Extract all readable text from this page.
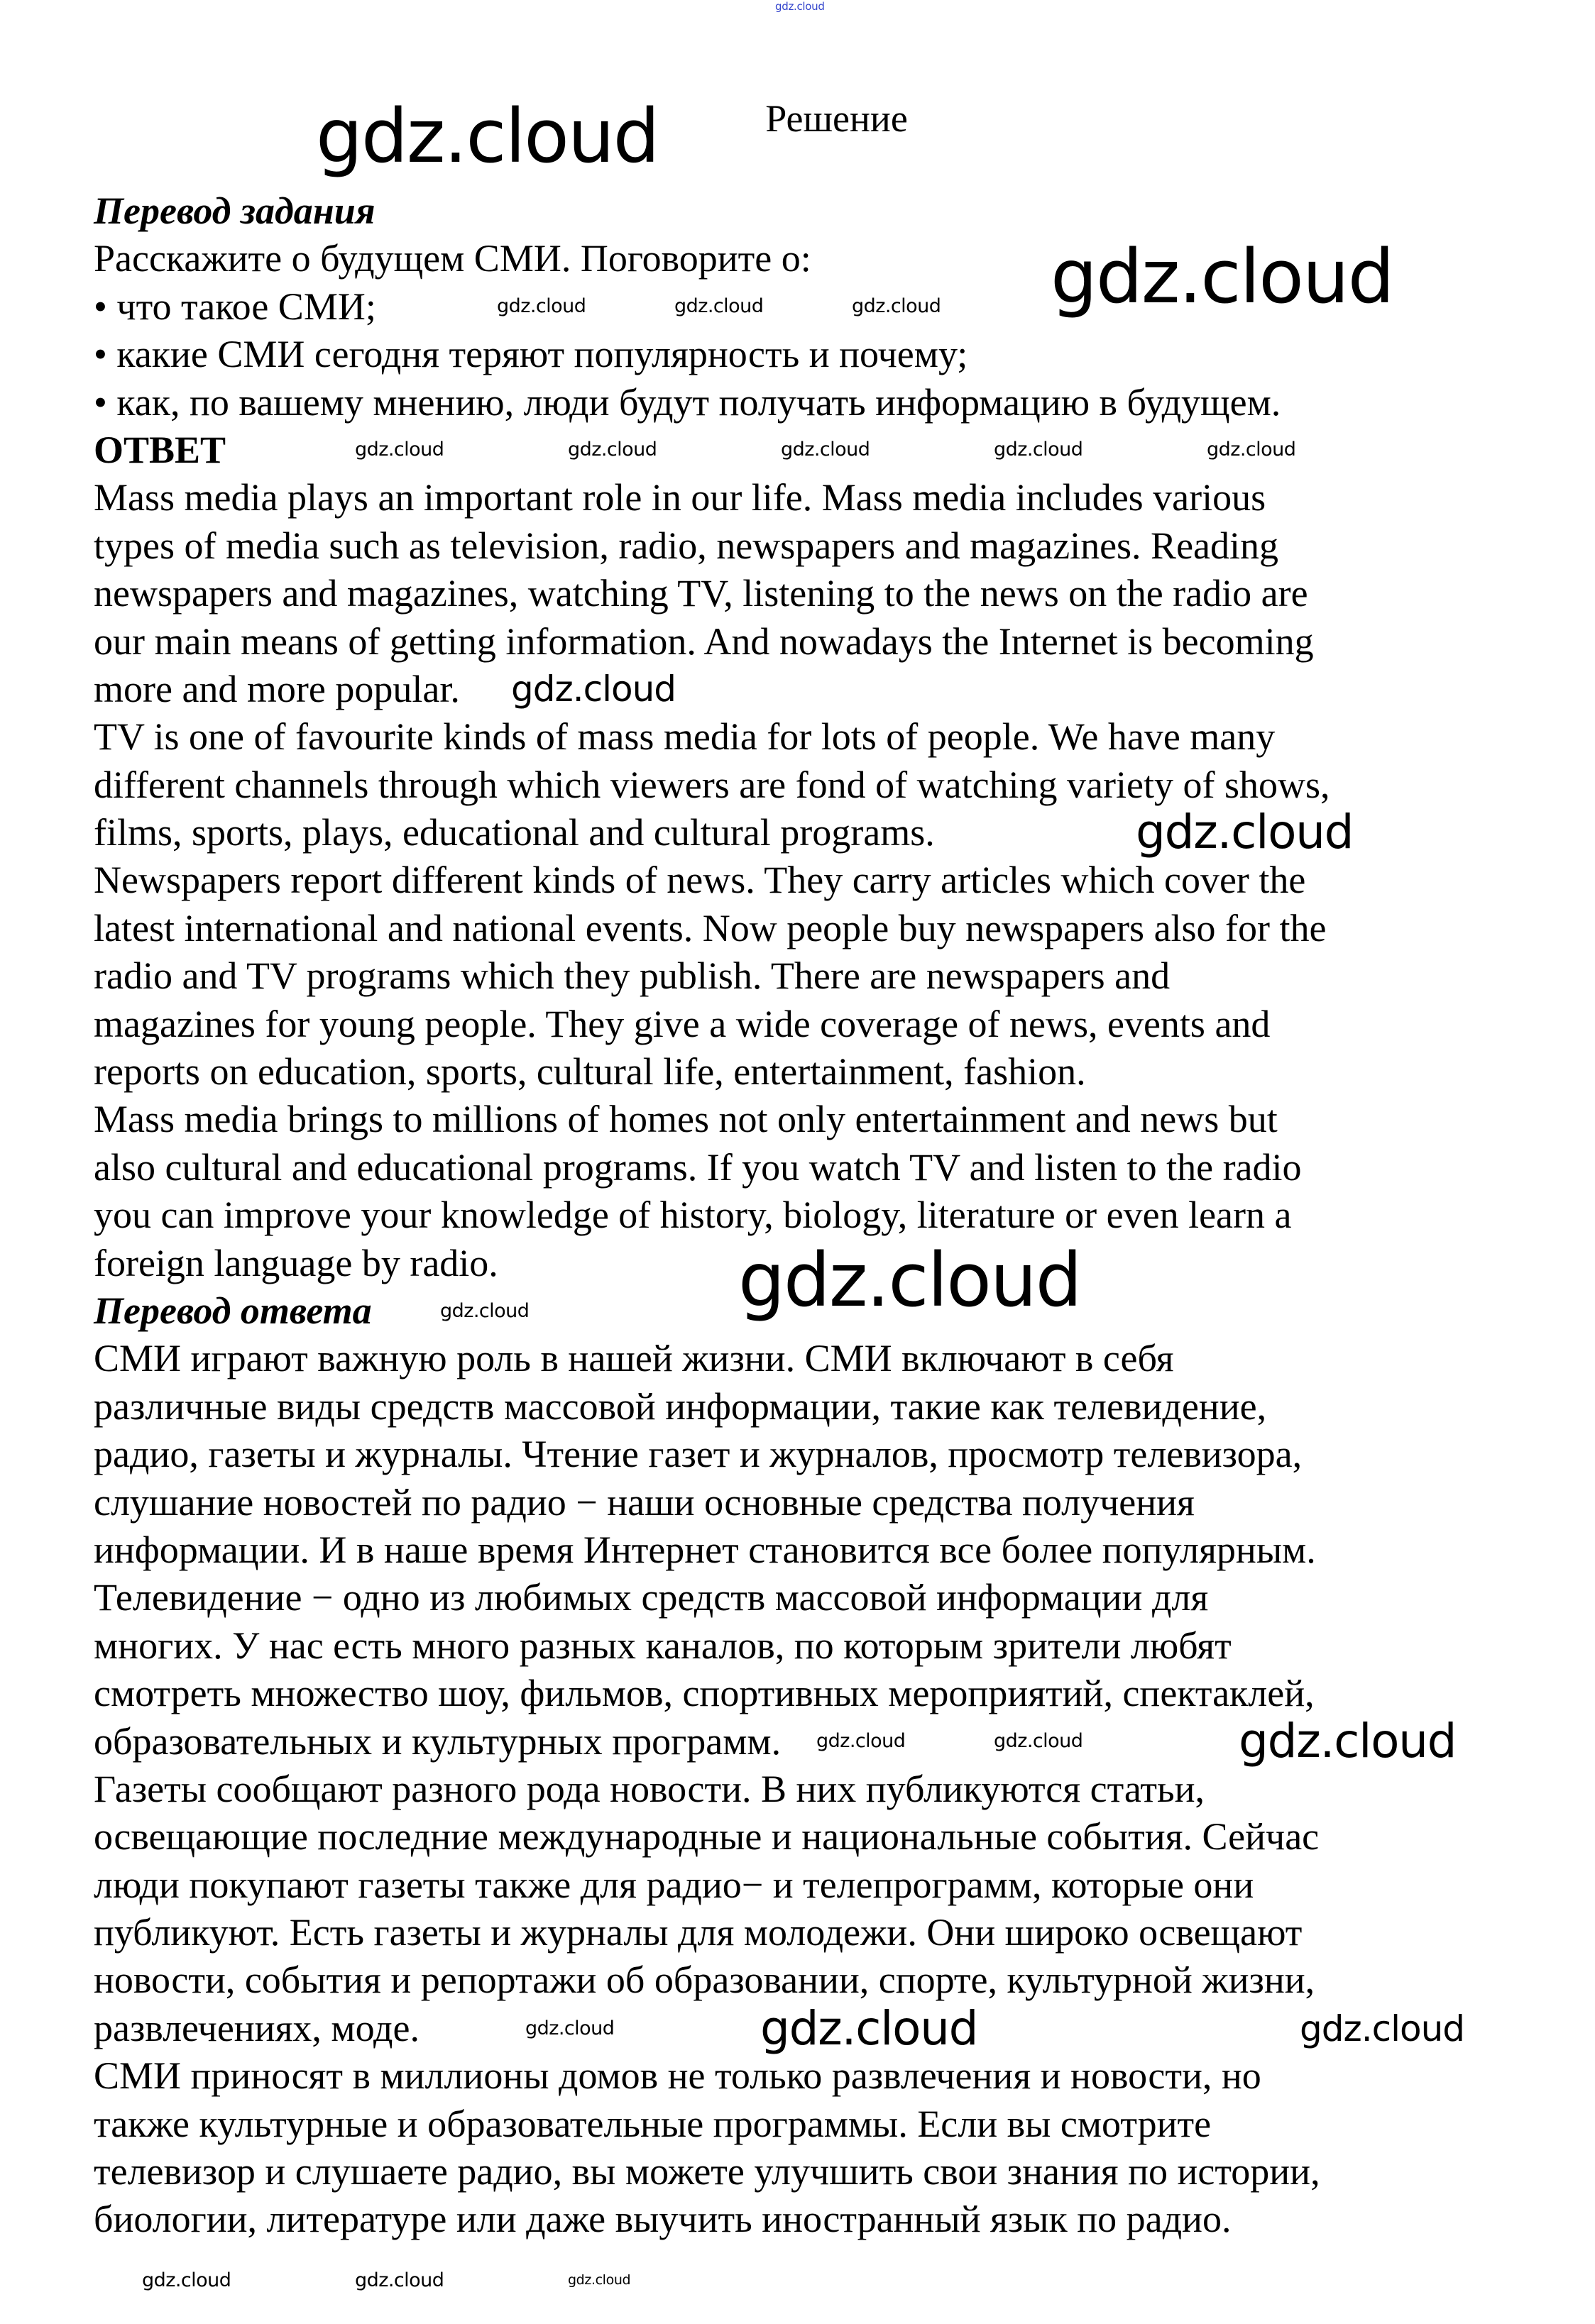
Решение
Перевод задания
Расскажите о будущем СМИ. Поговорите о:
• что такое СМИ;
• какие СМИ сегодня теряют популярность и почему;
• как, по вашему мнению, люди будут получать информацию в будущем.
ОТВЕТ
Mass media plays an important role in our life. Mass media includes various
types of media such as television, radio, newspapers and magazines. Reading
newspapers and magazines, watching TV, listening to the news on the radio are
our main means of getting information. And nowadays the Internet is becoming
more and more popular.
TV is one of favourite kinds of mass media for lots of people. We have many
different channels through which viewers are fond of watching variety of shows,
films, sports, plays, educational and cultural programs.
Newspapers report different kinds of news. They carry articles which cover the
latest international and national events. Now people buy newspapers also for the
radio and TV programs which they publish. There are newspapers and
magazines for young people. They give a wide coverage of news, events and
reports on education, sports, cultural life, entertainment, fashion.
Mass media brings to millions of homes not only entertainment and news but
also cultural and educational programs. If you watch TV and listen to the radio
you can improve your knowledge of history, biology, literature or even learn a
foreign language by radio.
Перевод ответа
СМИ играют важную роль в нашей жизни. СМИ включают в себя
различные виды средств массовой информации, такие как телевидение,
радио, газеты и журналы. Чтение газет и журналов, просмотр телевизора,
слушание новостей по радио − наши основные средства получения
информации. И в наше время Интернет становится все более популярным.
Телевидение − одно из любимых средств массовой информации для
многих. У нас есть много разных каналов, по которым зрители любят
смотреть множество шоу, фильмов, спортивных мероприятий, спектаклей,
образовательных и культурных программ.
Газеты сообщают разного рода новости. В них публикуются статьи,
освещающие последние международные и национальные события. Сейчас
люди покупают газеты также для радио− и телепрограмм, которые они
публикуют. Есть газеты и журналы для молодежи. Они широко освещают
новости, события и репортажи об образовании, спорте, культурной жизни,
развлечениях, моде.
СМИ приносят в миллионы домов не только развлечения и новости, но
также культурные и образовательные программы. Если вы смотрите
телевизор и слушаете радио, вы можете улучшить свои знания по истории,
биологии, литературе или даже выучить иностранный язык по радио.
gdz.cloud
gdz.cloud
gdz.cloud
gdz.cloud
gdz.cloud
gdz.cloud
gdz.cloud
gdz.cloud	gdz.cloud
gdz.cloud	gdz.cloud	gdz.cloud	gdz.cloud	gdz.cloud
gdz.cloud	gdz.cloud	gdz.cloud
gdz.cloud
gdz.cloud	gdz.cloud
gdz.cloud
gdz.cloud	gdz.cloud	gdz.cloud
